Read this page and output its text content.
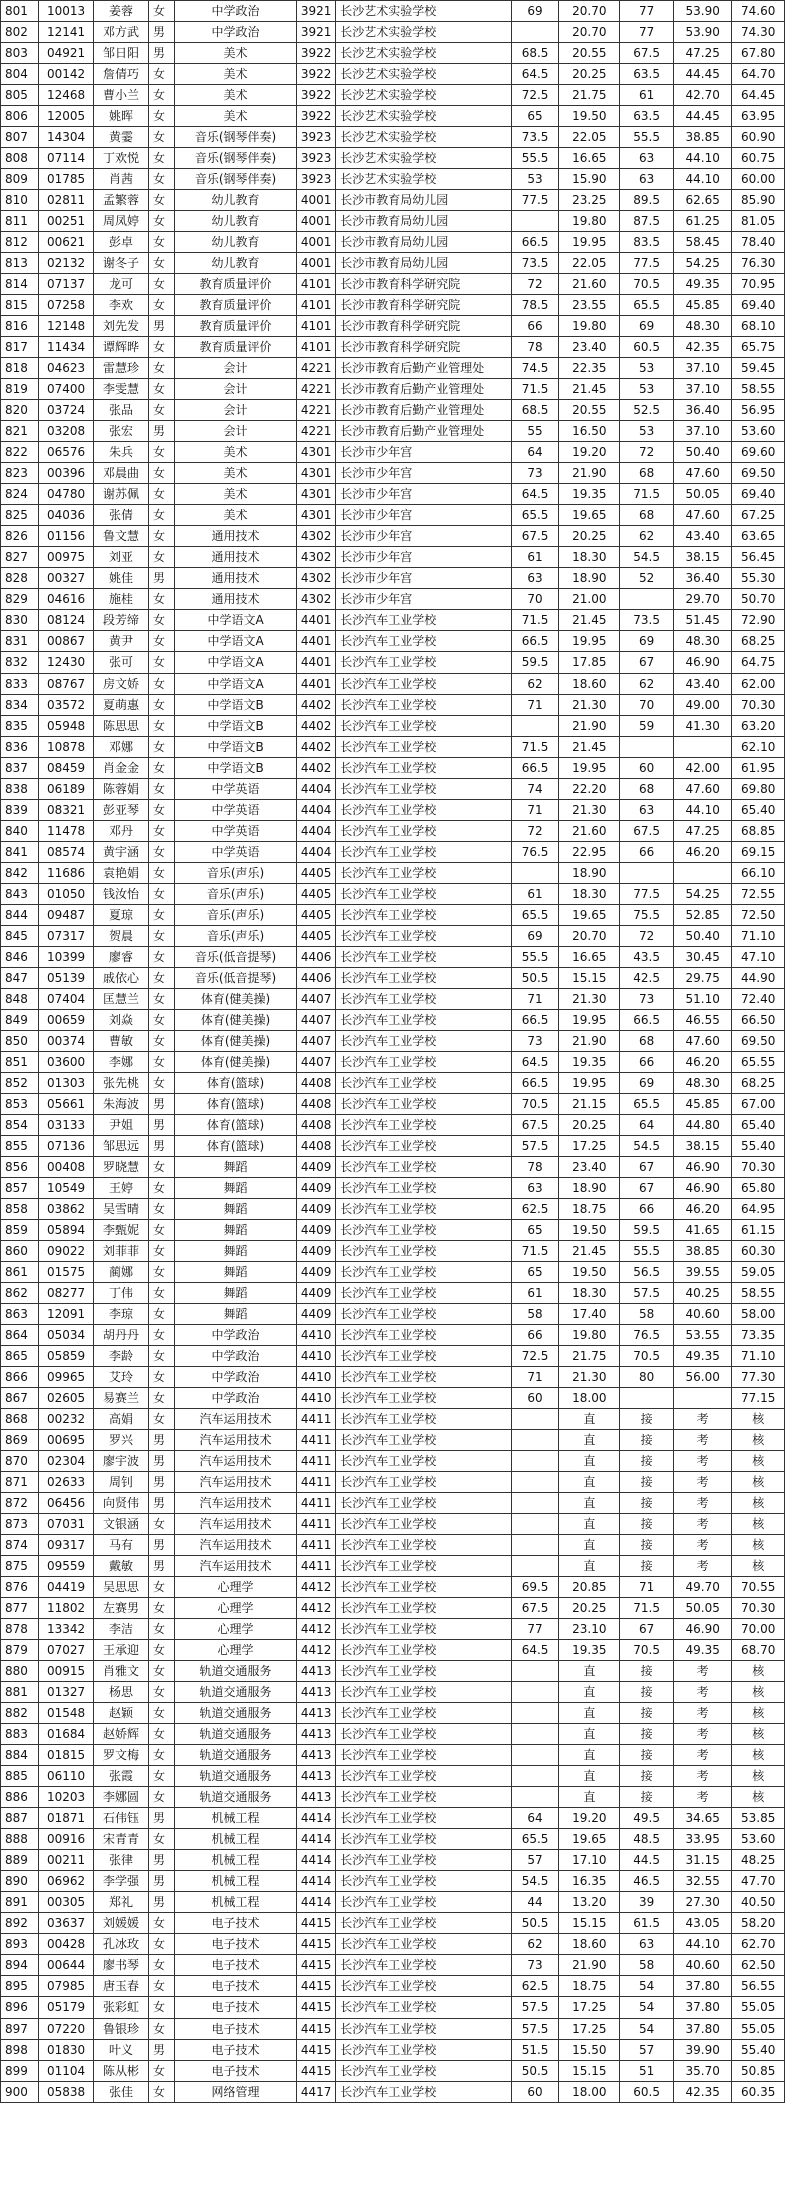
801	10013	姜蓉	女	中学政治	3921	长沙艺术实验学校	69	20.70	77	53.90	74.60
802	12141	邓方武	男	中学政治	3921	长沙艺术实验学校		20.70	77	53.90	74.30
803	04921	邹日阳	男	美术	3922	长沙艺术实验学校	68.5	20.55	67.5	47.25	67.80
804	00142	詹倩巧	女	美术	3922	长沙艺术实验学校	64.5	20.25	63.5	44.45	64.70
805	12468	曹小兰	女	美术	3922	长沙艺术实验学校	72.5	21.75	61	42.70	64.45
806	12005	姚晖	女	美术	3922	长沙艺术实验学校	65	19.50	63.5	44.45	63.95
807	14304	黄霎	女	音乐(钢琴伴奏)	3923	长沙艺术实验学校	73.5	22.05	55.5	38.85	60.90
808	07114	丁欢悦	女	音乐(钢琴伴奏)	3923	长沙艺术实验学校	55.5	16.65	63	44.10	60.75
809	01785	肖茜	女	音乐(钢琴伴奏)	3923	长沙艺术实验学校	53	15.90	63	44.10	60.00
810	02811	孟繁蓉	女	幼儿教育	4001	长沙市教育局幼儿园	77.5	23.25	89.5	62.65	85.90
811	00251	周凤婷	女	幼儿教育	4001	长沙市教育局幼儿园		19.80	87.5	61.25	81.05
812	00621	彭卓	女	幼儿教育	4001	长沙市教育局幼儿园	66.5	19.95	83.5	58.45	78.40
813	02132	谢冬子	女	幼儿教育	4001	长沙市教育局幼儿园	73.5	22.05	77.5	54.25	76.30
814	07137	龙可	女	教育质量评价	4101	长沙市教育科学研究院	72	21.60	70.5	49.35	70.95
815	07258	李欢	女	教育质量评价	4101	长沙市教育科学研究院	78.5	23.55	65.5	45.85	69.40
816	12148	刘先发	男	教育质量评价	4101	长沙市教育科学研究院	66	19.80	69	48.30	68.10
817	11434	谭辉晔	女	教育质量评价	4101	长沙市教育科学研究院	78	23.40	60.5	42.35	65.75
818	04623	雷慧珍	女	会计	4221	长沙市教育后勤产业管理处	74.5	22.35	53	37.10	59.45
819	07400	李雯慧	女	会计	4221	长沙市教育后勤产业管理处	71.5	21.45	53	37.10	58.55
820	03724	张品	女	会计	4221	长沙市教育后勤产业管理处	68.5	20.55	52.5	36.40	56.95
821	03208	张宏	男	会计	4221	长沙市教育后勤产业管理处	55	16.50	53	37.10	53.60
822	06576	朱兵	女	美术	4301	长沙市少年宫	64	19.20	72	50.40	69.60
823	00396	邓晨曲	女	美术	4301	长沙市少年宫	73	21.90	68	47.60	69.50
824	04780	谢苏佩	女	美术	4301	长沙市少年宫	64.5	19.35	71.5	50.05	69.40
825	04036	张倩	女	美术	4301	长沙市少年宫	65.5	19.65	68	47.60	67.25
826	01156	鲁文慧	女	通用技术	4302	长沙市少年宫	67.5	20.25	62	43.40	63.65
827	00975	刘亚	女	通用技术	4302	长沙市少年宫	61	18.30	54.5	38.15	56.45
828	00327	姚佳	男	通用技术	4302	长沙市少年宫	63	18.90	52	36.40	55.30
829	04616	施桂	女	通用技术	4302	长沙市少年宫	70	21.00		29.70	50.70
830	08124	段芳缔	女	中学语文A	4401	长沙汽车工业学校	71.5	21.45	73.5	51.45	72.90
831	00867	黄尹	女	中学语文A	4401	长沙汽车工业学校	66.5	19.95	69	48.30	68.25
832	12430	张可	女	中学语文A	4401	长沙汽车工业学校	59.5	17.85	67	46.90	64.75
833	08767	房文娇	女	中学语文A	4401	长沙汽车工业学校	62	18.60	62	43.40	62.00
834	03572	夏萌惠	女	中学语文B	4402	长沙汽车工业学校	71	21.30	70	49.00	70.30
835	05948	陈思思	女	中学语文B	4402	长沙汽车工业学校		21.90	59	41.30	63.20
836	10878	邓娜	女	中学语文B	4402	长沙汽车工业学校	71.5	21.45			62.10
837	08459	肖金金	女	中学语文B	4402	长沙汽车工业学校	66.5	19.95	60	42.00	61.95
838	06189	陈蓉娟	女	中学英语	4404	长沙汽车工业学校	74	22.20	68	47.60	69.80
839	08321	彭亚琴	女	中学英语	4404	长沙汽车工业学校	71	21.30	63	44.10	65.40
840	11478	邓丹	女	中学英语	4404	长沙汽车工业学校	72	21.60	67.5	47.25	68.85
841	08574	黄宇涵	女	中学英语	4404	长沙汽车工业学校	76.5	22.95	66	46.20	69.15
842	11686	袁艳娟	女	音乐(声乐)	4405	长沙汽车工业学校		18.90			66.10
843	01050	钱汝怡	女	音乐(声乐)	4405	长沙汽车工业学校	61	18.30	77.5	54.25	72.55
844	09487	夏琼	女	音乐(声乐)	4405	长沙汽车工业学校	65.5	19.65	75.5	52.85	72.50
845	07317	贺晨	女	音乐(声乐)	4405	长沙汽车工业学校	69	20.70	72	50.40	71.10
846	10399	廖睿	女	音乐(低音提琴)	4406	长沙汽车工业学校	55.5	16.65	43.5	30.45	47.10
847	05139	戚依心	女	音乐(低音提琴)	4406	长沙汽车工业学校	50.5	15.15	42.5	29.75	44.90
848	07404	匡慧兰	女	体育(健美操)	4407	长沙汽车工业学校	71	21.30	73	51.10	72.40
849	00659	刘焱	女	体育(健美操)	4407	长沙汽车工业学校	66.5	19.95	66.5	46.55	66.50
850	00374	曹敏	女	体育(健美操)	4407	长沙汽车工业学校	73	21.90	68	47.60	69.50
851	03600	李娜	女	体育(健美操)	4407	长沙汽车工业学校	64.5	19.35	66	46.20	65.55
852	01303	张先桃	女	体育(篮球)	4408	长沙汽车工业学校	66.5	19.95	69	48.30	68.25
853	05661	朱海波	男	体育(篮球)	4408	长沙汽车工业学校	70.5	21.15	65.5	45.85	67.00
854	03133	尹姐	男	体育(篮球)	4408	长沙汽车工业学校	67.5	20.25	64	44.80	65.40
855	07136	邹思远	男	体育(篮球)	4408	长沙汽车工业学校	57.5	17.25	54.5	38.15	55.40
856	00408	罗晓慧	女	舞蹈	4409	长沙汽车工业学校	78	23.40	67	46.90	70.30
857	10549	王婷	女	舞蹈	4409	长沙汽车工业学校	63	18.90	67	46.90	65.80
858	03862	吴雪晴	女	舞蹈	4409	长沙汽车工业学校	62.5	18.75	66	46.20	64.95
859	05894	李甄妮	女	舞蹈	4409	长沙汽车工业学校	65	19.50	59.5	41.65	61.15
860	09022	刘菲菲	女	舞蹈	4409	长沙汽车工业学校	71.5	21.45	55.5	38.85	60.30
861	01575	蔺娜	女	舞蹈	4409	长沙汽车工业学校	65	19.50	56.5	39.55	59.05
862	08277	丁伟	女	舞蹈	4409	长沙汽车工业学校	61	18.30	57.5	40.25	58.55
863	12091	李琼	女	舞蹈	4409	长沙汽车工业学校	58	17.40	58	40.60	58.00
864	05034	胡丹丹	女	中学政治	4410	长沙汽车工业学校	66	19.80	76.5	53.55	73.35
865	05859	李龄	女	中学政治	4410	长沙汽车工业学校	72.5	21.75	70.5	49.35	71.10
866	09965	艾玲	女	中学政治	4410	长沙汽车工业学校	71	21.30	80	56.00	77.30
867	02605	易赛兰	女	中学政治	4410	长沙汽车工业学校	60	18.00			77.15
868	00232	高娟	女	汽车运用技术	4411	长沙汽车工业学校		直	接	考	核
869	00695	罗兴	男	汽车运用技术	4411	长沙汽车工业学校		直	接	考	核
870	02304	廖宇波	男	汽车运用技术	4411	长沙汽车工业学校		直	接	考	核
871	02633	周钊	男	汽车运用技术	4411	长沙汽车工业学校		直	接	考	核
872	06456	向贤伟	男	汽车运用技术	4411	长沙汽车工业学校		直	接	考	核
873	07031	文银涵	女	汽车运用技术	4411	长沙汽车工业学校		直	接	考	核
874	09317	马有	男	汽车运用技术	4411	长沙汽车工业学校		直	接	考	核
875	09559	戴敏	男	汽车运用技术	4411	长沙汽车工业学校		直	接	考	核
876	04419	吴思思	女	心理学	4412	长沙汽车工业学校	69.5	20.85	71	49.70	70.55
877	11802	左赛男	女	心理学	4412	长沙汽车工业学校	67.5	20.25	71.5	50.05	70.30
878	13342	李洁	女	心理学	4412	长沙汽车工业学校	77	23.10	67	46.90	70.00
879	07027	王承迎	女	心理学	4412	长沙汽车工业学校	64.5	19.35	70.5	49.35	68.70
880	00915	肖雅文	女	轨道交通服务	4413	长沙汽车工业学校		直	接	考	核
881	01327	杨思	女	轨道交通服务	4413	长沙汽车工业学校		直	接	考	核
882	01548	赵颖	女	轨道交通服务	4413	长沙汽车工业学校		直	接	考	核
883	01684	赵娇辉	女	轨道交通服务	4413	长沙汽车工业学校		直	接	考	核
884	01815	罗文梅	女	轨道交通服务	4413	长沙汽车工业学校		直	接	考	核
885	06110	张霞	女	轨道交通服务	4413	长沙汽车工业学校		直	接	考	核
886	10203	李娜圆	女	轨道交通服务	4413	长沙汽车工业学校		直	接	考	核
887	01871	石伟钰	男	机械工程	4414	长沙汽车工业学校	64	19.20	49.5	34.65	53.85
888	00916	宋青青	女	机械工程	4414	长沙汽车工业学校	65.5	19.65	48.5	33.95	53.60
889	00211	张律	男	机械工程	4414	长沙汽车工业学校	57	17.10	44.5	31.15	48.25
890	06962	李学强	男	机械工程	4414	长沙汽车工业学校	54.5	16.35	46.5	32.55	47.70
891	00305	郑礼	男	机械工程	4414	长沙汽车工业学校	44	13.20	39	27.30	40.50
892	03637	刘媛媛	女	电子技术	4415	长沙汽车工业学校	50.5	15.15	61.5	43.05	58.20
893	00428	孔冰玫	女	电子技术	4415	长沙汽车工业学校	62	18.60	63	44.10	62.70
894	00644	廖书琴	女	电子技术	4415	长沙汽车工业学校	73	21.90	58	40.60	62.50
895	07985	唐玉春	女	电子技术	4415	长沙汽车工业学校	62.5	18.75	54	37.80	56.55
896	05179	张彩虹	女	电子技术	4415	长沙汽车工业学校	57.5	17.25	54	37.80	55.05
897	07220	鲁银珍	女	电子技术	4415	长沙汽车工业学校	57.5	17.25	54	37.80	55.05
898	01830	叶义	男	电子技术	4415	长沙汽车工业学校	51.5	15.50	57	39.90	55.40
899	01104	陈从彬	女	电子技术	4415	长沙汽车工业学校	50.5	15.15	51	35.70	50.85
900	05838	张佳	女	网络管理	4417	长沙汽车工业学校	60	18.00	60.5	42.35	60.35
